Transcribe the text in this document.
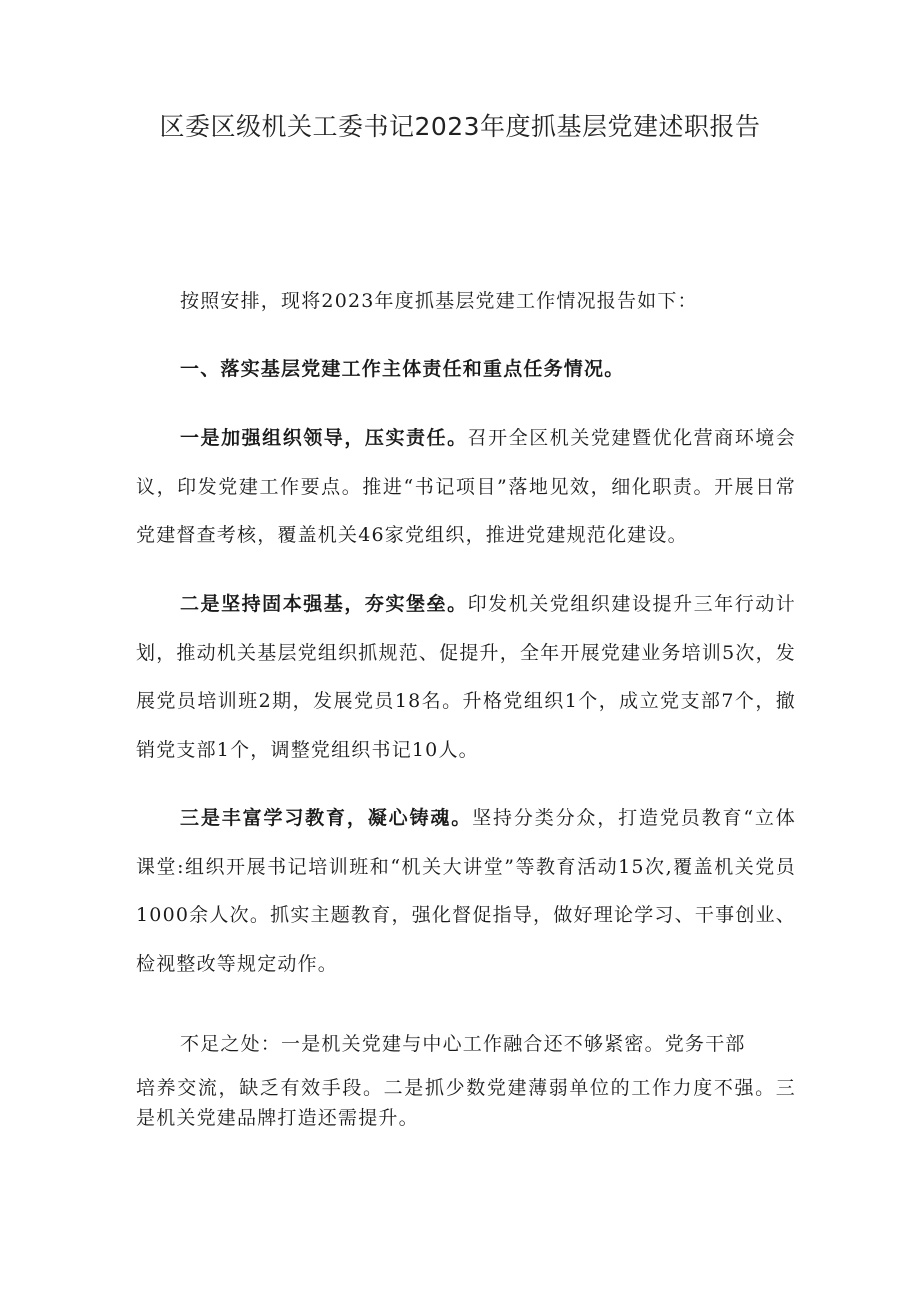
区委区级机关工委书记2023年度抓基层党建述职报告

按照安排，现将2023年度抓基层党建工作情况报告如下：

一、落实基层党建工作主体责任和重点任务情况。

一是加强组织领导，压实责任。召开全区机关党建暨优化营商环境会议，印发党建工作要点。推进“书记项目”落地见效，细化职责。开展日常党建督查考核，覆盖机关46家党组织，推进党建规范化建设。

二是坚持固本强基，夯实堡垒。印发机关党组织建设提升三年行动计划，推动机关基层党组织抓规范、促提升，全年开展党建业务培训5次，发展党员培训班2期，发展党员18名。升格党组织1个，成立党支部7个，撤销党支部1个，调整党组织书记10人。

三是丰富学习教育，凝心铸魂。坚持分类分众，打造党员教育“立体课堂:组织开展书记培训班和“机关大讲堂”等教育活动15次,覆盖机关党员1000余人次。抓实主题教育，强化督促指导，做好理论学习、干事创业、检视整改等规定动作。

不足之处：一是机关党建与中心工作融合还不够紧密。党务干部

培养交流，缺乏有效手段。二是抓少数党建薄弱单位的工作力度不强。三是机关党建品牌打造还需提升。
